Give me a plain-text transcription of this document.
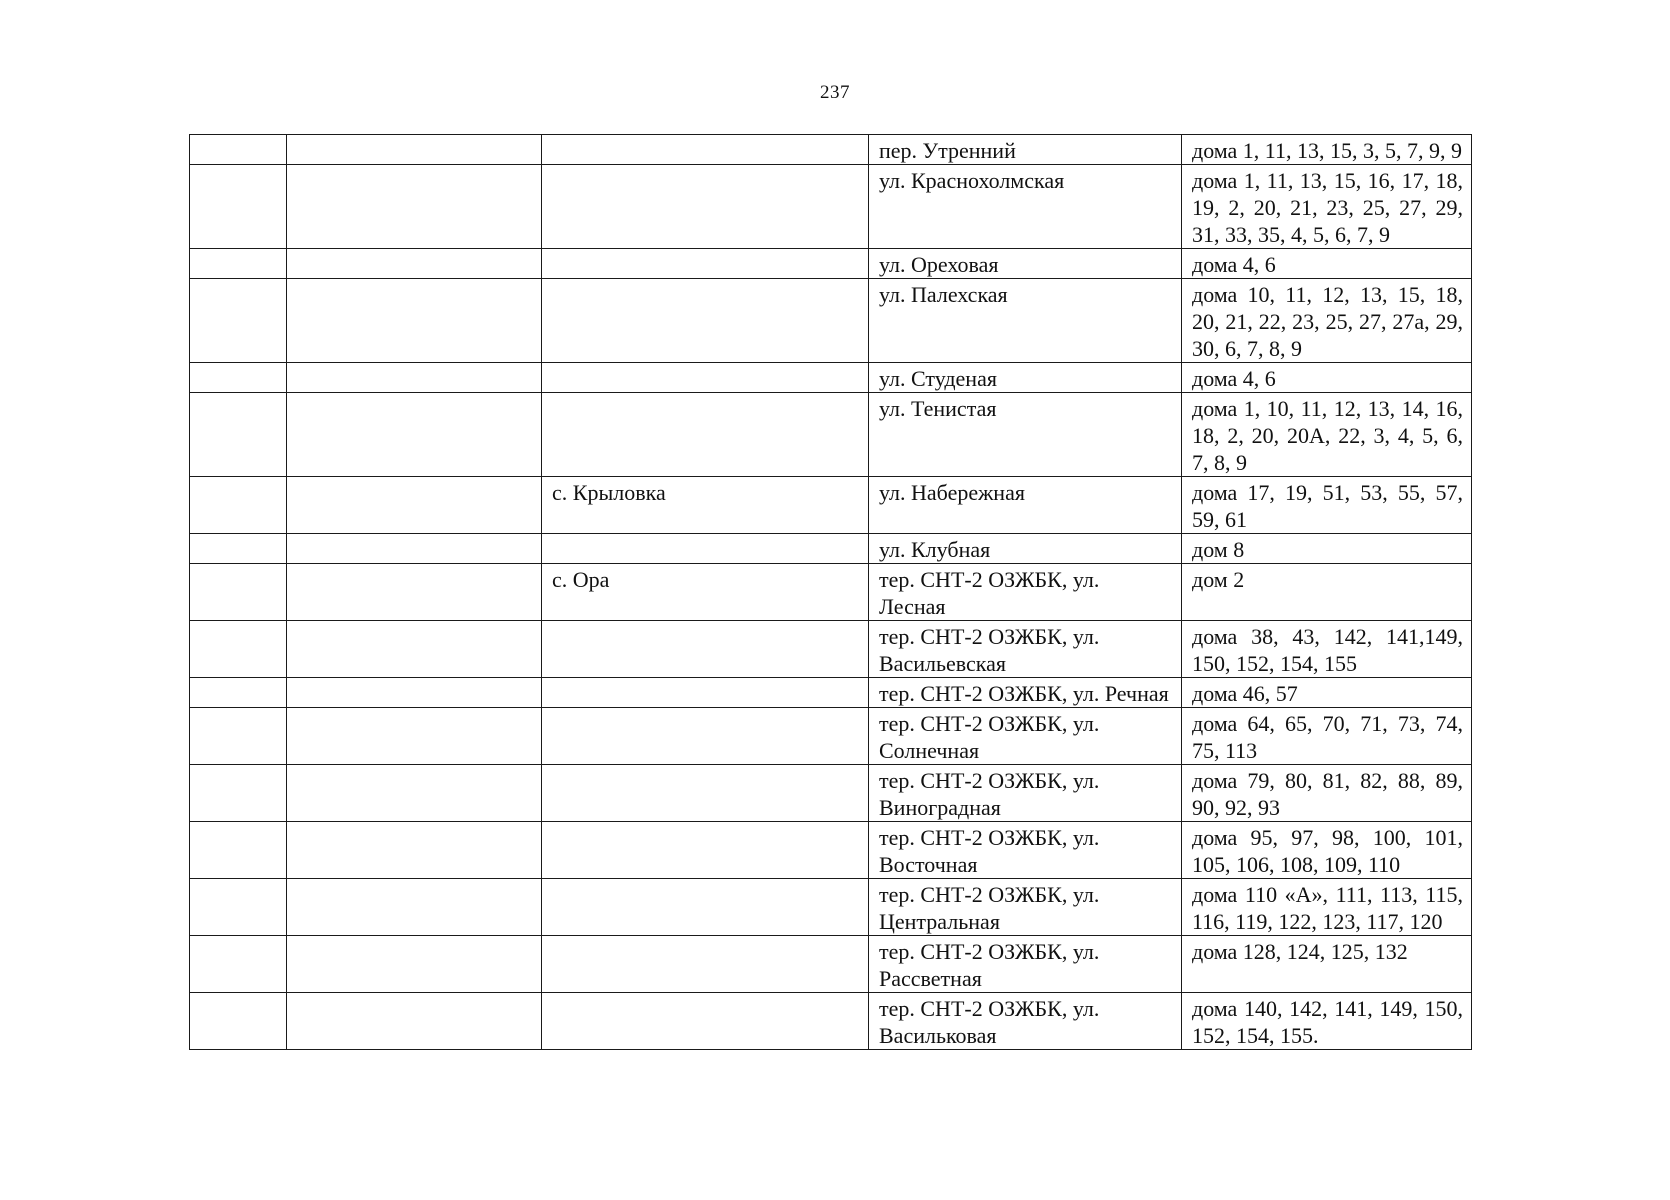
237
			пер. Утренний	дома 1, 11, 13, 15, 3, 5, 7, 9, 9
			ул. Краснохолмская	дома 1, 11, 13, 15, 16, 17, 18, 19, 2, 20, 21, 23, 25, 27, 29, 31, 33, 35, 4, 5, 6, 7, 9
			ул. Ореховая	дома 4, 6
			ул. Палехская	дома 10, 11, 12, 13, 15, 18, 20, 21, 22, 23, 25, 27, 27а, 29, 30, 6, 7, 8, 9
			ул. Студеная	дома 4, 6
			ул. Тенистая	дома 1, 10, 11, 12, 13, 14, 16, 18, 2, 20, 20А, 22, 3, 4, 5, 6, 7, 8, 9
		с. Крыловка	ул. Набережная	дома 17, 19, 51, 53, 55, 57, 59, 61
			ул. Клубная	дом 8
		с. Ора	тер. СНТ-2 ОЗЖБК, ул. Лесная	дом 2
			тер. СНТ-2 ОЗЖБК, ул. Васильевская	дома 38, 43, 142, 141,149, 150, 152, 154, 155
			тер. СНТ-2 ОЗЖБК, ул. Речная	дома 46, 57
			тер. СНТ-2 ОЗЖБК, ул. Солнечная	дома 64, 65, 70, 71, 73, 74, 75, 113
			тер. СНТ-2 ОЗЖБК, ул. Виноградная	дома 79, 80, 81, 82, 88, 89, 90, 92, 93
			тер. СНТ-2 ОЗЖБК, ул. Восточная	дома 95, 97, 98, 100, 101, 105, 106, 108, 109, 110
			тер. СНТ-2 ОЗЖБК, ул. Центральная	дома 110 «А», 111, 113, 115, 116, 119, 122, 123, 117, 120
			тер. СНТ-2 ОЗЖБК, ул. Рассветная	дома 128, 124, 125, 132
			тер. СНТ-2 ОЗЖБК, ул. Васильковая	дома 140, 142, 141, 149, 150, 152, 154, 155.
